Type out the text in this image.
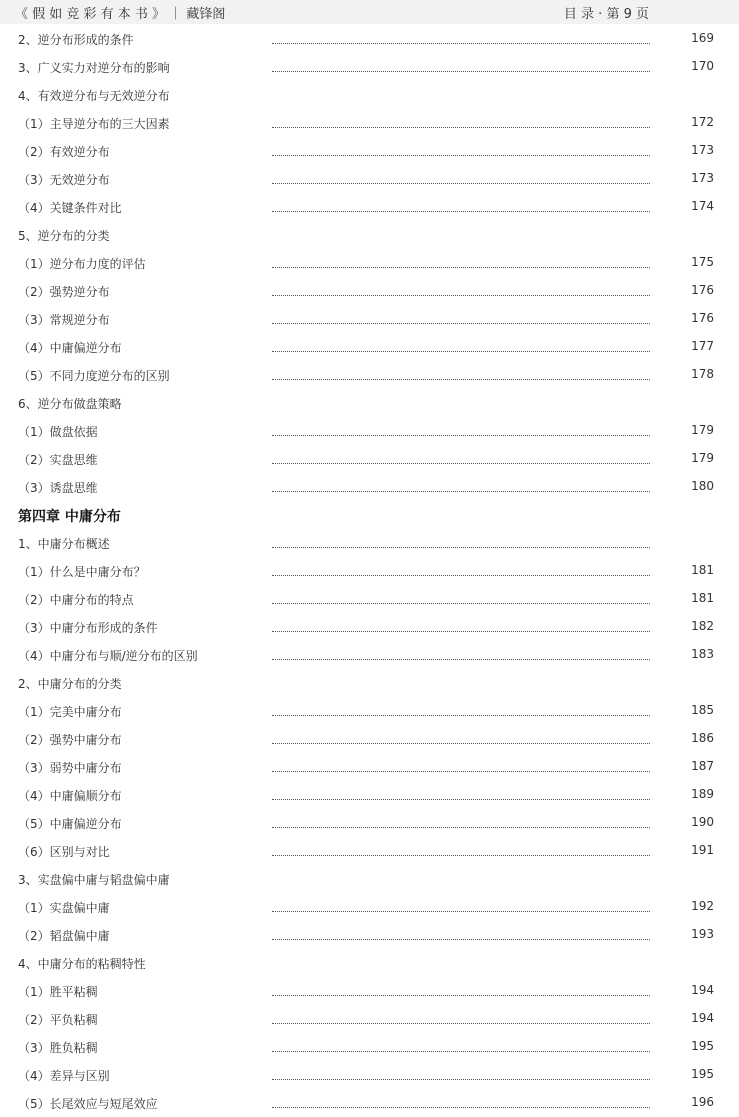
《 假 如 竞 彩 有 本 书 》 ｜ 藏锋阁	目 录 · 第 9 页
2、逆分布形成的条件	169
3、广义实力对逆分布的影响	170
4、有效逆分布与无效逆分布
（1）主导逆分布的三大因素	172
（2）有效逆分布	173
（3）无效逆分布	173
（4）关键条件对比	174
5、逆分布的分类
（1）逆分布力度的评估	175
（2）强势逆分布	176
（3）常规逆分布	176
（4）中庸偏逆分布	177
（5）不同力度逆分布的区别	178
6、逆分布做盘策略
（1）做盘依据	179
（2）实盘思维	179
（3）诱盘思维	180
第四章 中庸分布
1、中庸分布概述
（1）什么是中庸分布？	181
（2）中庸分布的特点	181
（3）中庸分布形成的条件	182
（4）中庸分布与顺/逆分布的区别	183
2、中庸分布的分类
（1）完美中庸分布	185
（2）强势中庸分布	186
（3）弱势中庸分布	187
（4）中庸偏顺分布	189
（5）中庸偏逆分布	190
（6）区别与对比	191
3、实盘偏中庸与韬盘偏中庸
（1）实盘偏中庸	192
（2）韬盘偏中庸	193
4、中庸分布的粘稠特性
（1）胜平粘稠	194
（2）平负粘稠	194
（3）胜负粘稠	195
（4）差异与区别	195
（5）长尾效应与短尾效应	196
